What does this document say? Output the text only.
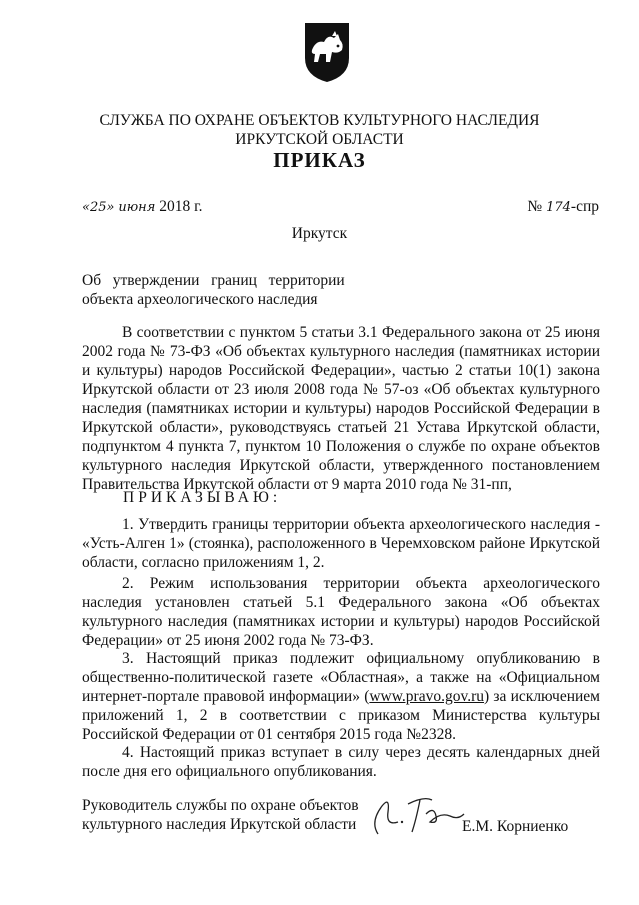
СЛУЖБА ПО ОХРАНЕ ОБЪЕКТОВ КУЛЬТУРНОГО НАСЛЕДИЯ
ИРКУТСКОЙ ОБЛАСТИ
ПРИКАЗ
«25» июня 2018 г.	№ 174-спр
Иркутск
Об   утверждении   границ   территории
объекта археологического наследия
В соответствии с пунктом 5 статьи 3.1 Федерального закона от 25 июня 2002 года № 73-ФЗ «Об объектах культурного наследия (памятниках истории и культуры) народов Российской Федерации», частью 2 статьи 10(1) закона Иркутской области от 23 июля 2008 года № 57-оз «Об объектах культурного наследия (памятниках истории и культуры) народов Российской Федерации в Иркутской области», руководствуясь статьей 21 Устава Иркутской области, подпунктом 4 пункта 7, пунктом 10 Положения о службе по охране объектов культурного наследия Иркутской области, утвержденного постановлением Правительства Иркутской области от 9 марта 2010 года № 31-пп,
ПРИКАЗЫВАЮ:
1. Утвердить границы территории объекта археологического наследия - «Усть-Алген 1» (стоянка), расположенного в Черемховском районе Иркутской области, согласно приложениям 1, 2.
2. Режим использования территории объекта археологического наследия установлен статьей 5.1 Федерального закона «Об объектах культурного наследия (памятниках истории и культуры) народов Российской Федерации» от 25 июня 2002 года № 73-ФЗ.
3. Настоящий приказ подлежит официальному опубликованию в общественно-политической газете «Областная», а также на «Официальном интернет-портале правовой информации» (www.pravo.gov.ru) за исключением приложений 1, 2 в соответствии с приказом Министерства культуры Российской Федерации от 01 сентября 2015 года №2328.
4. Настоящий приказ вступает в силу через десять календарных дней после дня его официального опубликования.
Руководитель службы по охране объектов культурного наследия Иркутской области	Е.М. Корниенко
